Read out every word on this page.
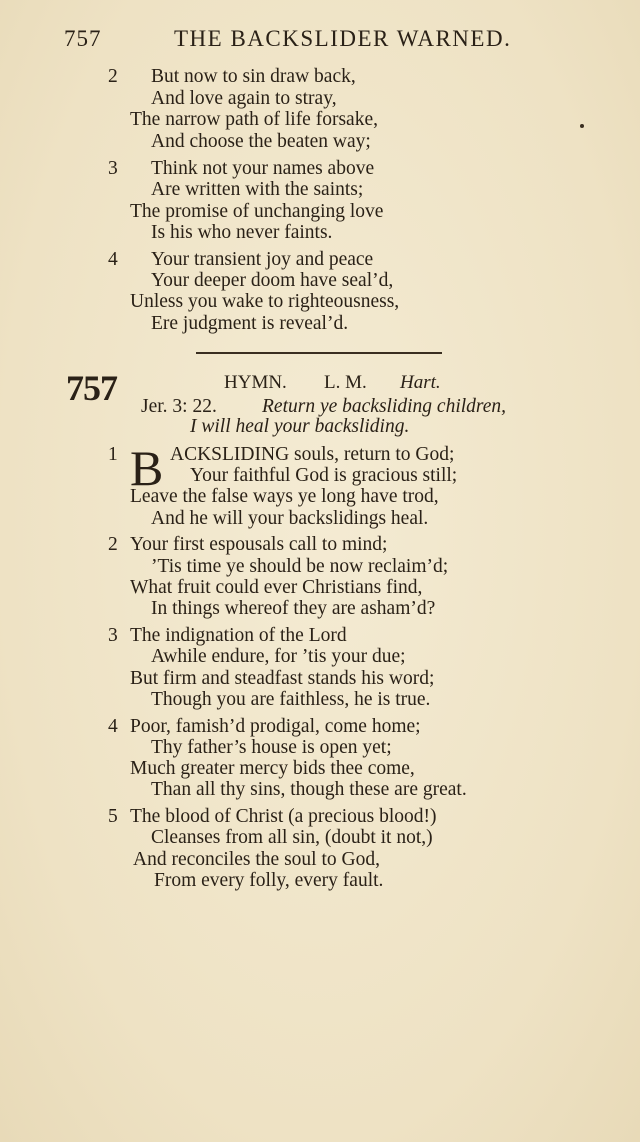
757	THE BACKSLIDER WARNED.
2 But now to sin draw back,
And love again to stray,
The narrow path of life forsake,
And choose the beaten way;
3 Think not your names above
Are written with the saints;
The promise of unchanging love
Is his who never faints.
4 Your transient joy and peace
Your deeper doom have seal’d,
Unless you wake to righteousness,
Ere judgment is reveal’d.
757	HYMN. L. M. Hart.
Jer. 3: 22. Return ye backsliding children,
I will heal your backsliding.
1 B ACKSLIDING souls, return to God;
Your faithful God is gracious still;
Leave the false ways ye long have trod,
And he will your backslidings heal.
2 Your first espousals call to mind;
’Tis time ye should be now reclaim’d;
What fruit could ever Christians find,
In things whereof they are asham’d?
3 The indignation of the Lord
Awhile endure, for ’tis your due;
But firm and steadfast stands his word;
Though you are faithless, he is true.
4 Poor, famish’d prodigal, come home;
Thy father’s house is open yet;
Much greater mercy bids thee come,
Than all thy sins, though these are great.
5 The blood of Christ (a precious blood!)
Cleanses from all sin, (doubt it not,)
And reconciles the soul to God,
From every folly, every fault.
